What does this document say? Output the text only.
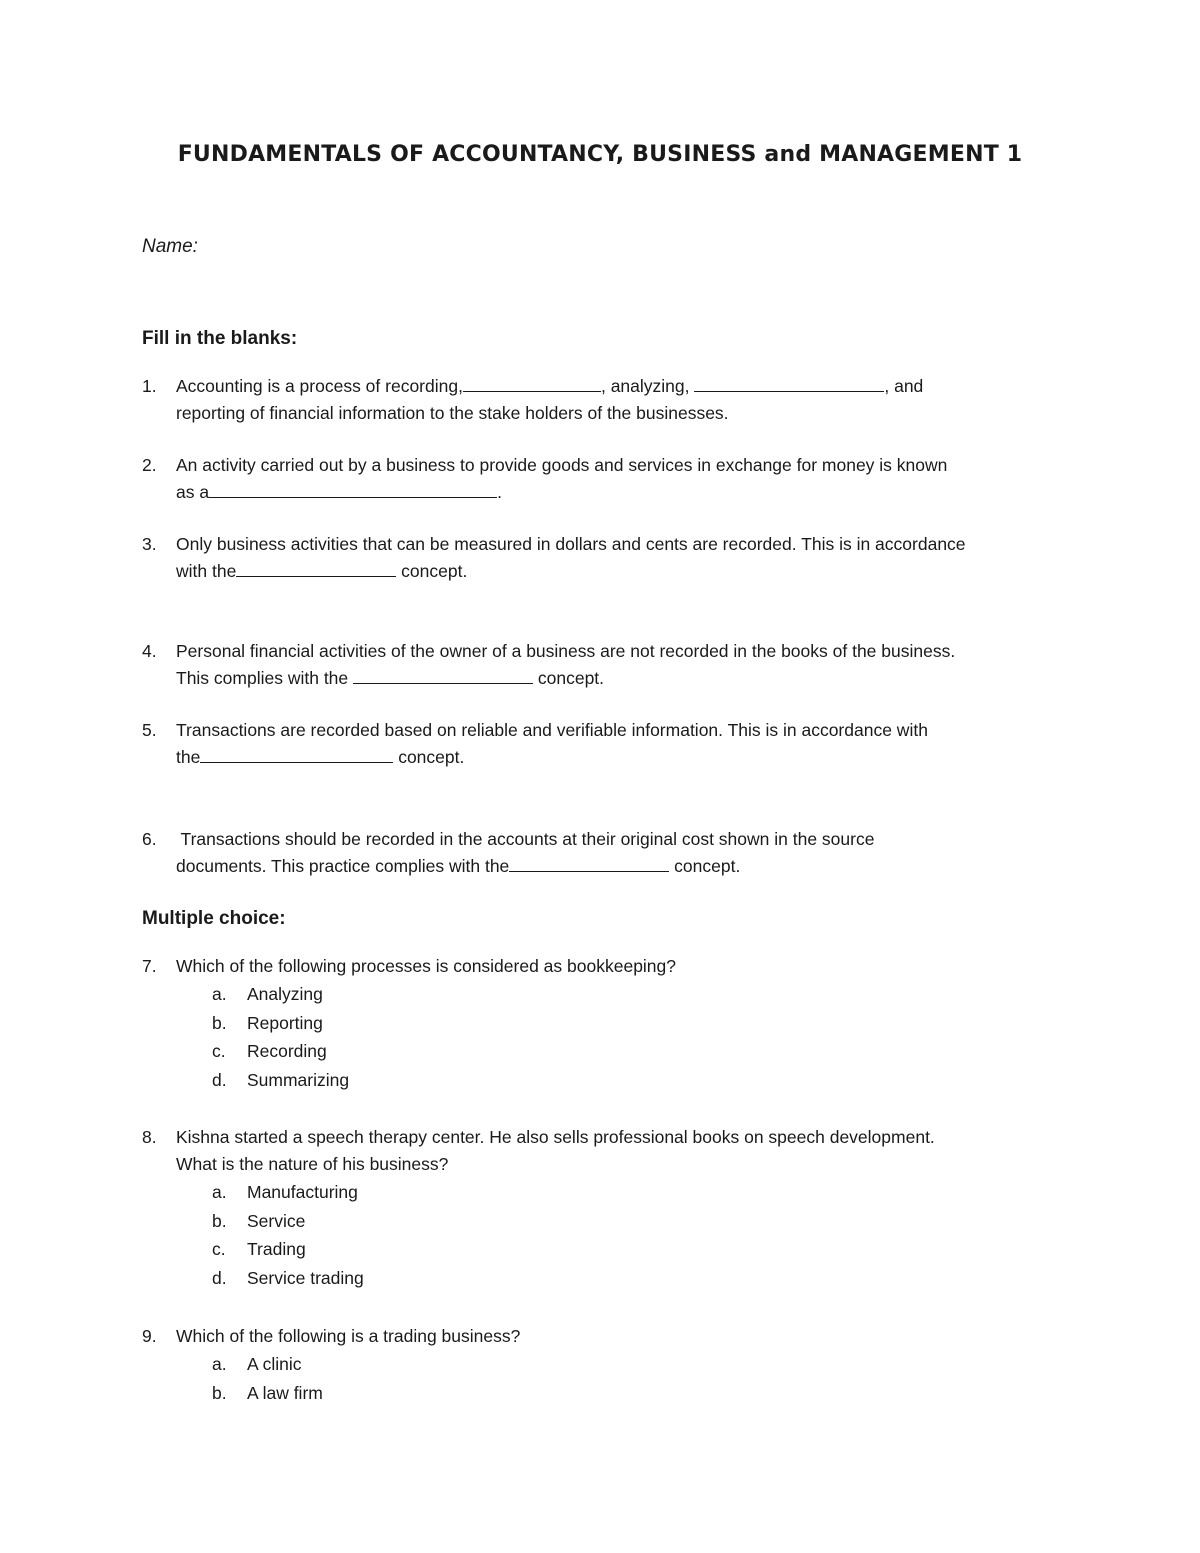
FUNDAMENTALS OF ACCOUNTANCY, BUSINESS and MANAGEMENT 1
Name:
Fill in the blanks:
1.	Accounting is a process of recording,	, analyzing,	, and
reporting of financial information to the stake holders of the businesses.
2.	An activity carried out by a business to provide goods and services in exchange for money is known
as a	.
3.	Only business activities that can be measured in dollars and cents are recorded. This is in accordance
with the	concept.
4.	Personal financial activities of the owner of a business are not recorded in the books of the business.
This complies with the	concept.
5.	Transactions are recorded based on reliable and verifiable information. This is in accordance with
the	concept.
6.	Transactions should be recorded in the accounts at their original cost shown in the source
documents. This practice complies with the	concept.
Multiple choice:
7.	Which of the following processes is considered as bookkeeping?
a. Analyzing
b. Reporting
c. Recording
d. Summarizing
8.	Kishna started a speech therapy center. He also sells professional books on speech development.
What is the nature of his business?
a. Manufacturing
b. Service
c. Trading
d. Service trading
9.	Which of the following is a trading business?
a. A clinic
b. A law firm
